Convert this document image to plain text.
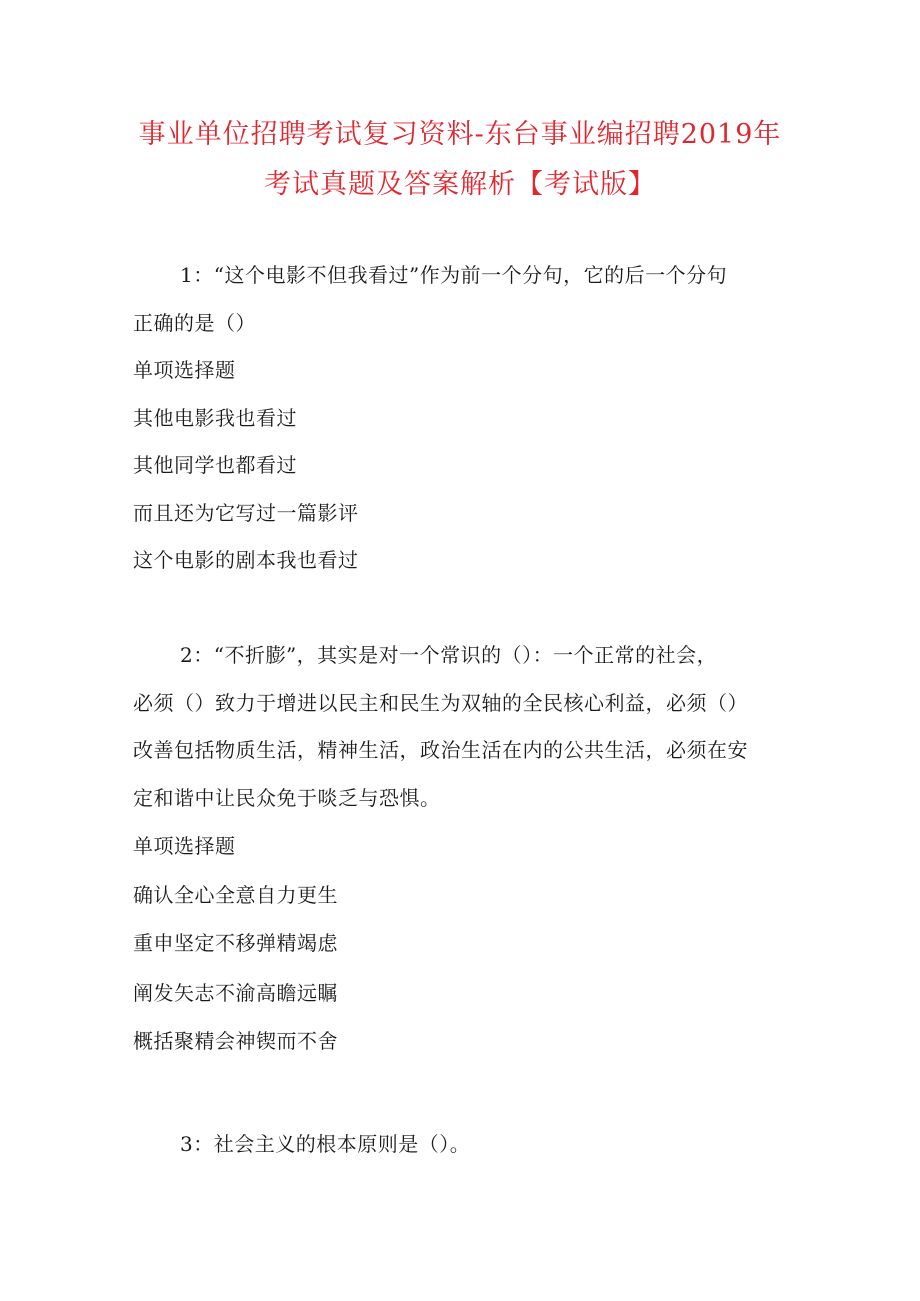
事业单位招聘考试复习资料-东台事业编招聘2019年
考试真题及答案解析【考试版】
1：“这个电影不但我看过”作为前一个分句，它的后一个分句
正确的是（）
单项选择题
其他电影我也看过
其他同学也都看过
而且还为它写过一篇影评
这个电影的剧本我也看过
2：“不折膨”，其实是对一个常识的（）：一个正常的社会，
必须（）致力于增进以民主和民生为双轴的全民核心利益，必须（）
改善包括物质生活，精神生活，政治生活在内的公共生活，必须在安
定和谐中让民众免于啖乏与恐惧。
单项选择题
确认全心全意自力更生
重申坚定不移弹精竭虑
阐发矢志不渝高瞻远瞩
概括聚精会神锲而不舍
3：社会主义的根本原则是（）。
